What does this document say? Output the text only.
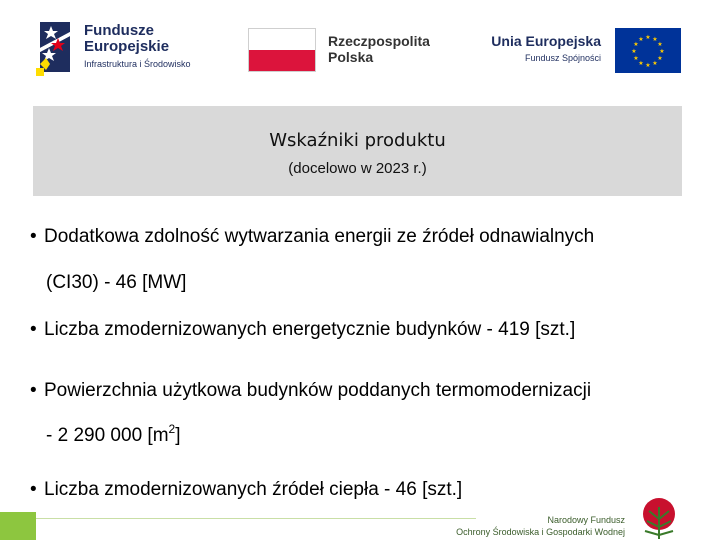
Fundusze
Europejskie
Infrastruktura i Środowisko
Rzeczpospolita
Polska
Unia Europejska
Fundusz Spójności
★ ★
★
★
★
★
★
★
★
★
★
★
Wskaźniki produktu
(docelowo w 2023 r.)
• Dodatkowa zdolność wytwarzania energii ze źródeł odnawialnych
(CI30) - 46 [MW]
• Liczba zmodernizowanych energetycznie budynków - 419 [szt.]
• Powierzchnia użytkowa budynków poddanych termomodernizacji
- 2 290 000 $[m^2]$
• Liczba zmodernizowanych źródeł ciepła - 46 [szt.]
Narodowy Fundusz
Ochrony Środowiska i Gospodarki Wodnej
